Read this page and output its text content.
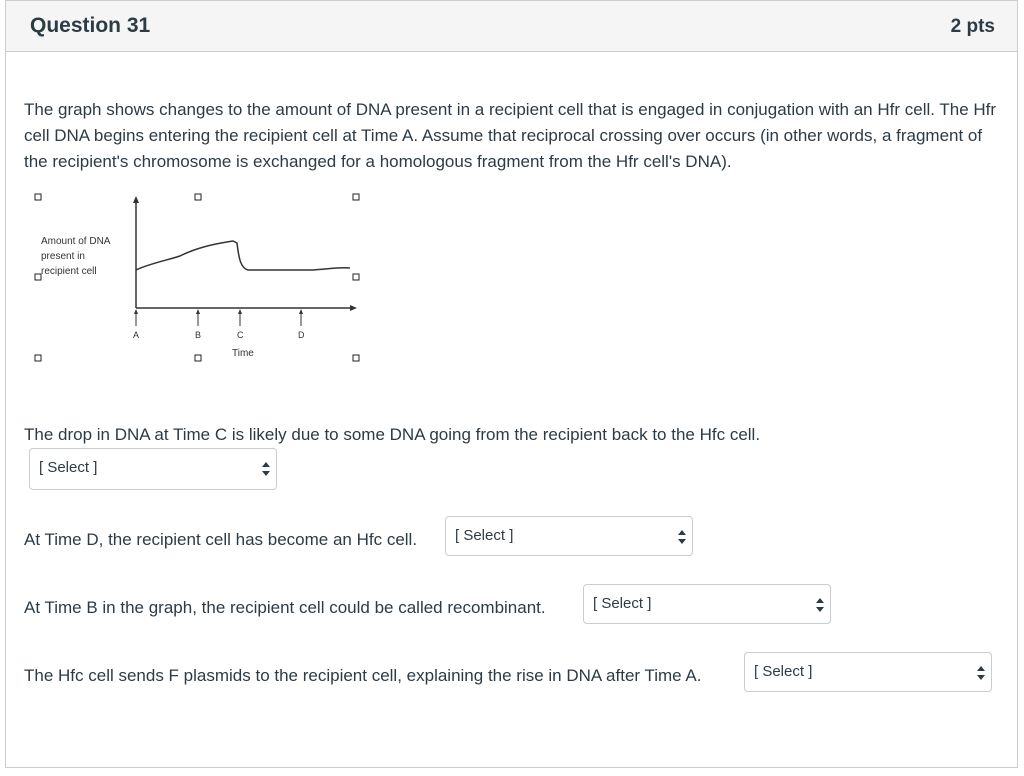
Question 31	2 pts
The graph shows changes to the amount of DNA present in a recipient cell that is engaged in conjugation with an Hfr cell. The Hfr cell DNA begins entering the recipient cell at Time A. Assume that reciprocal crossing over occurs (in other words, a fragment of the recipient's chromosome is exchanged for a homologous fragment from the Hfr cell's DNA).
Amount of DNA
present in
recipient cell
A	B	C	D
Time
The drop in DNA at Time C is likely due to some DNA going from the recipient back to the Hfc cell.
[ Select ]
At Time D, the recipient cell has become an Hfc cell.	[ Select ]
At Time B in the graph, the recipient cell could be called recombinant.	[ Select ]
The Hfc cell sends F plasmids to the recipient cell, explaining the rise in DNA after Time A.	[ Select ]
